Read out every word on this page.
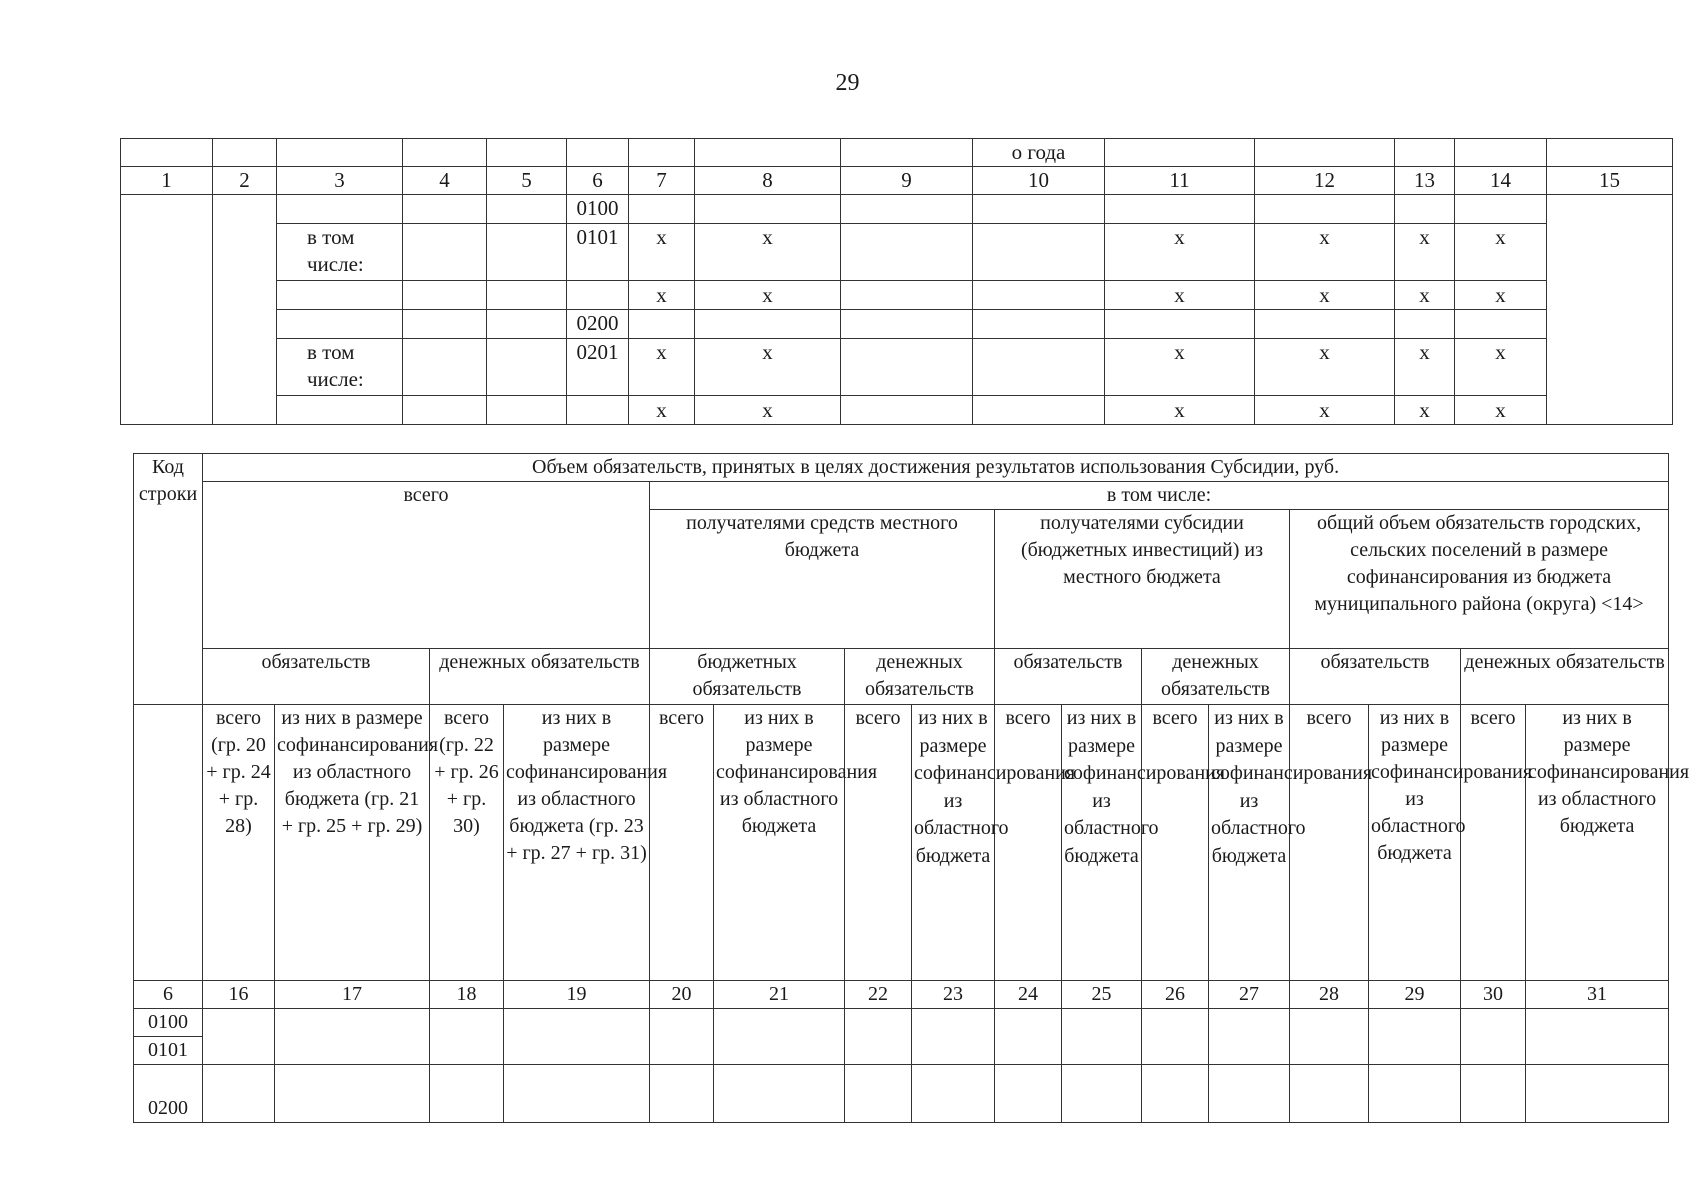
29
									о года					
1	2	3	4	5	6	7	8	9	10	11	12	13	14	15
					0100									
		в том числе:			0101	x	x			x	x	x	x	
						x	x			x	x	x	x	
					0200									
		в том числе:			0201	x	x			x	x	x	x	
						x	x			x	x	x	x	
Код строки	Объем обязательств, принятых в целях достижения результатов использования Субсидии, руб.															
	всего				в том числе:											
					получателями средств местного бюджета				получателями субсидии (бюджетных инвестиций) из местного бюджета				общий объем обязательств городских, сельских поселений в размере софинансирования из бюджета муниципального района (округа) <14>			
	обязательств		денежных обязательств		бюджетных обязательств		денежных обязательств		обязательств		денежных обязательств		обязательств		денежных обязательств	
	всего (гр. 20 + гр. 24 + гр. 28)	из них в размере софинансирования из областного бюджета (гр. 21 + гр. 25 + гр. 29)	всего (гр. 22 + гр. 26 + гр. 30)	из них в размере софинансирования из областного бюджета (гр. 23 + гр. 27 + гр. 31)	всего	из них в размере софинансирования из областного бюджета	всего	из них в размере софинансирования из областного бюджета	всего	из них в размере софинансирования из областного бюджета	всего	из них в размере софинансирования из областного бюджета	всего	из них в размере софинансирования из областного бюджета	всего	из них в размере софинансирования из областного бюджета
6	16	17	18	19	20	21	22	23	24	25	26	27	28	29	30	31
0100																
0101																
0200																
